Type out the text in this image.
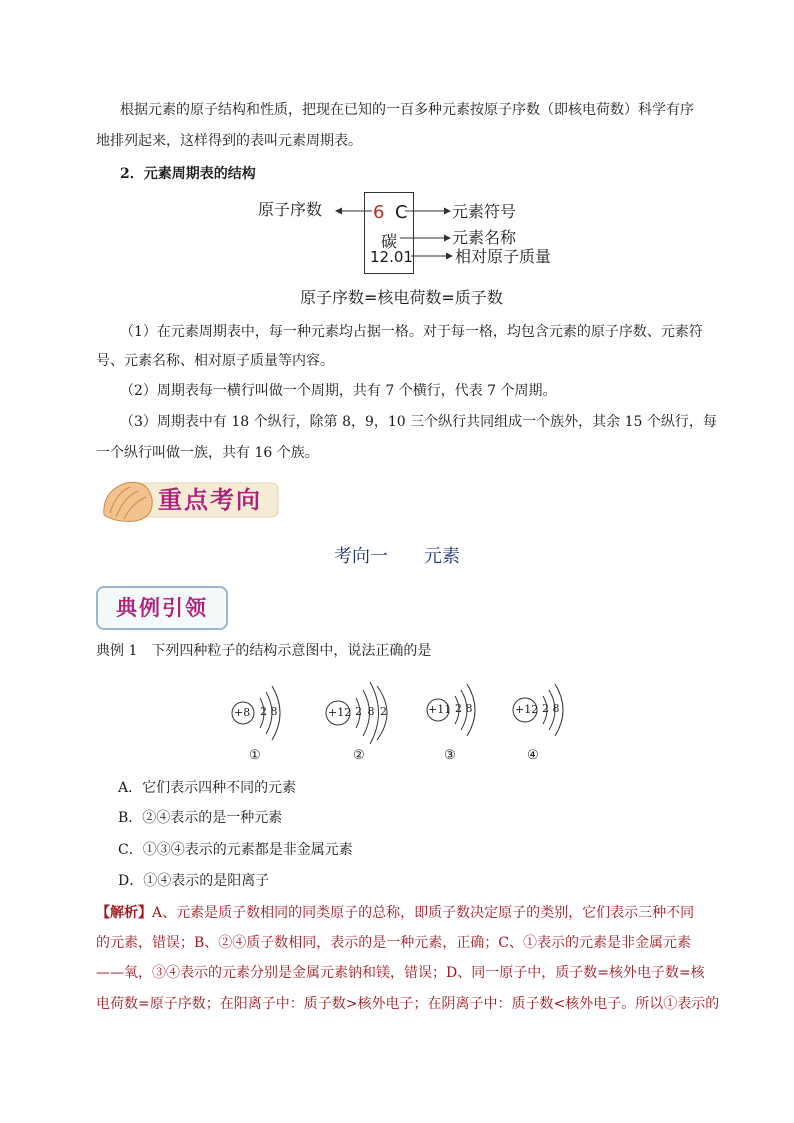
根据元素的原子结构和性质，把现在已知的一百多种元素按原子序数（即核电荷数）科学有序
地排列起来，这样得到的表叫元素周期表。
2．元素周期表的结构
原子序数	6 C
碳
12.01
元素符号
元素名称
相对原子质量
原子序数=核电荷数=质子数
（1）在元素周期表中，每一种元素均占据一格。对于每一格，均包含元素的原子序数、元素符
号、元素名称、相对原子质量等内容。
（2）周期表每一横行叫做一个周期，共有 7 个横行，代表 7 个周期。
（3）周期表中有 18 个纵行，除第 8，9，10 三个纵行共同组成一个族外，其余 15 个纵行，每
一个纵行叫做一族，共有 16 个族。
重点考向
考向一　　元素
典例引领
典例 1　下列四种粒子的结构示意图中，说法正确的是
+8 2 8	+12 2 8 2	+11 2 8	+12 2 8
①	②	③	④
A．它们表示四种不同的元素
B．②④表示的是一种元素
C．①③④表示的元素都是非金属元素
D．①④表示的是阳离子
【解析】A、元素是质子数相同的同类原子的总称，即质子数决定原子的类别，它们表示三种不同
的元素，错误；B、②④质子数相同，表示的是一种元素，正确；C、①表示的元素是非金属元素
——氧，③④表示的元素分别是金属元素钠和镁，错误；D、同一原子中，质子数=核外电子数=核
电荷数=原子序数；在阳离子中：质子数>核外电子；在阴离子中：质子数<核外电子。所以①表示的
